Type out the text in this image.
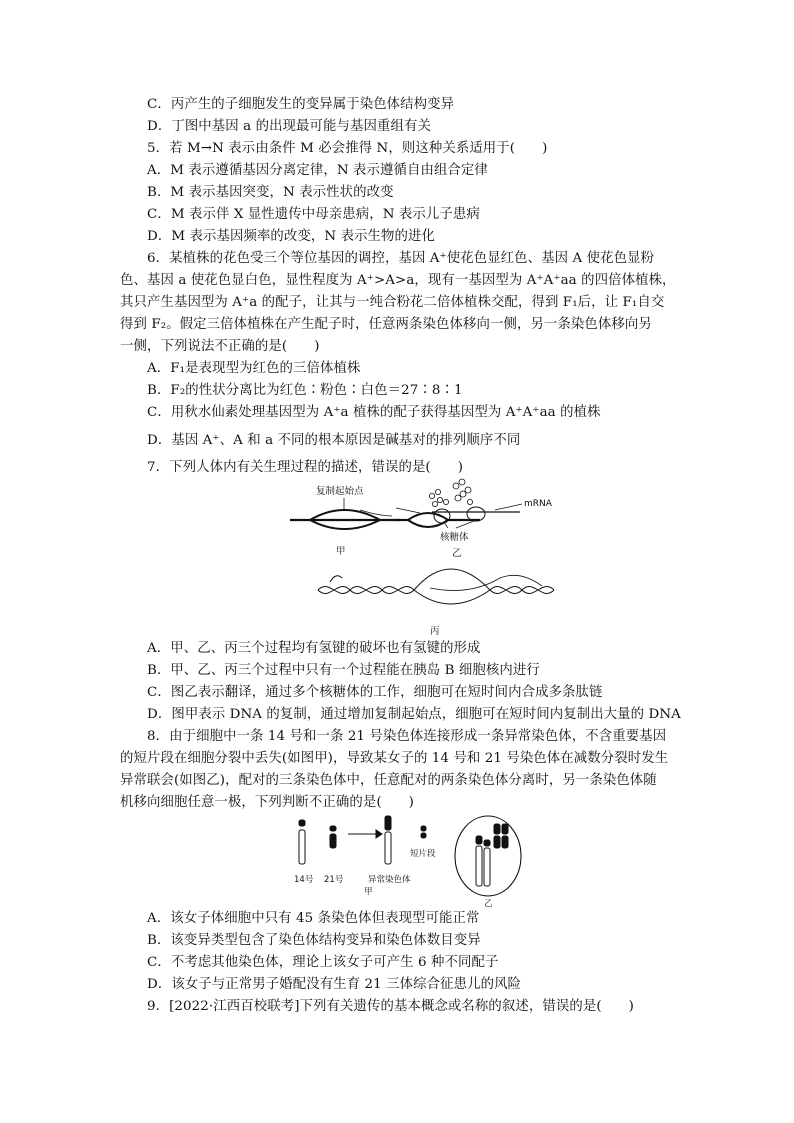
C．丙产生的子细胞发生的变异属于染色体结构变异
D．丁图中基因 a 的出现最可能与基因重组有关
5．若 M→N 表示由条件 M 必会推得 N，则这种关系适用于(　　)
A．M 表示遵循基因分离定律，N 表示遵循自由组合定律
B．M 表示基因突变，N 表示性状的改变
C．M 表示伴 X 显性遗传中母亲患病，N 表示儿子患病
D．M 表示基因频率的改变，N 表示生物的进化
6．某植株的花色受三个等位基因的调控，基因 A⁺使花色显红色、基因 A 使花色显粉
色、基因 a 使花色显白色，显性程度为 A⁺>A>a，现有一基因型为 A⁺A⁺aa 的四倍体植株，
其只产生基因型为 A⁺a 的配子，让其与一纯合粉花二倍体植株交配，得到 F₁后，让 F₁自交
得到 F₂。假定三倍体植株在产生配子时，任意两条染色体移向一侧，另一条染色体移向另
一侧，下列说法不正确的是(　　)
A．F₁是表现型为红色的三倍体植株
B．F₂的性状分离比为红色∶粉色∶白色＝27∶8∶1
C．用秋水仙素处理基因型为 A⁺a 植株的配子获得基因型为 A⁺A⁺aa 的植株
D．基因 A⁺、A 和 a 不同的根本原因是碱基对的排列顺序不同
7．下列人体内有关生理过程的描述，错误的是(　　)
复制起始点
甲
mRNA
核糖体
乙
丙
A．甲、乙、丙三个过程均有氢键的破坏也有氢键的形成
B．甲、乙、丙三个过程中只有一个过程能在胰岛 B 细胞核内进行
C．图乙表示翻译，通过多个核糖体的工作，细胞可在短时间内合成多条肽链
D．图甲表示 DNA 的复制，通过增加复制起始点，细胞可在短时间内复制出大量的 DNA
8．由于细胞中一条 14 号和一条 21 号染色体连接形成一条异常染色体，不含重要基因
的短片段在细胞分裂中丢失(如图甲)，导致某女子的 14 号和 21 号染色体在减数分裂时发生
异常联会(如图乙)，配对的三条染色体中，任意配对的两条染色体分离时，另一条染色体随
机移向细胞任意一极，下列判断不正确的是(　　)
14号 21号	异常染色体
甲
短片段
乙
A．该女子体细胞中只有 45 条染色体但表现型可能正常
B．该变异类型包含了染色体结构变异和染色体数目变异
C．不考虑其他染色体，理论上该女子可产生 6 种不同配子
D．该女子与正常男子婚配没有生育 21 三体综合征患儿的风险
9．[2022·江西百校联考]下列有关遗传的基本概念或名称的叙述，错误的是(　　)
